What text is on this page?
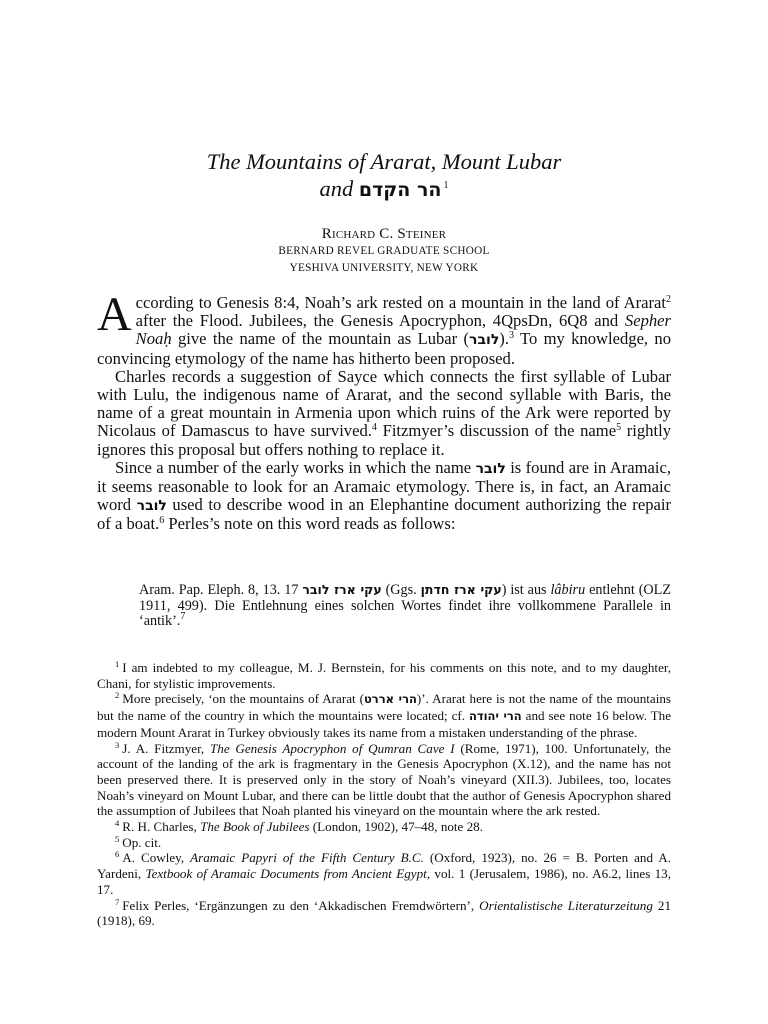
The Mountains of Ararat, Mount Lubar
and הר הקדם $^1$
Richard C. Steiner
BERNARD REVEL GRADUATE SCHOOL
YESHIVA UNIVERSITY, NEW YORK

According to Genesis 8:4, Noah’s ark rested on a mountain in the land of Ararat$^2$ after the Flood. Jubilees, the Genesis Apocryphon, 4QpsDn, 6Q8 and Sepher Noaḥ give the name of the mountain as Lubar (לובר).$^3$ To my knowledge, no convincing etymology of the name has hitherto been proposed.

Charles records a suggestion of Sayce which connects the first syllable of Lubar with Lulu, the indigenous name of Ararat, and the second syllable with Baris, the name of a great mountain in Armenia upon which ruins of the Ark were reported by Nicolaus of Damascus to have survived.$^4$ Fitzmyer’s discussion of the name$^5$ rightly ignores this proposal but offers nothing to replace it.

Since a number of the early works in which the name לובר is found are in Aramaic, it seems reasonable to look for an Aramaic etymology. There is, in fact, an Aramaic word לובר used to describe wood in an Elephantine document authorizing the repair of a boat.$^6$ Perles’s note on this word reads as follows:

Aram. Pap. Eleph. 8, 13. 17 עקי ארז לובר (Ggs. עקי ארז חדתן) ist aus lâbiru entlehnt (OLZ 1911, 499). Die Entlehnung eines solchen Wortes findet ihre vollkommene Parallele in ‘antik’.$^7$

$^1$ I am indebted to my colleague, M. J. Bernstein, for his comments on this note, and to my daughter, Chani, for stylistic improvements.

$^2$ More precisely, ‘on the mountains of Ararat (הרי אררט)’. Ararat here is not the name of the mountains but the name of the country in which the mountains were located; cf. הרי יהודה and see note 16 below. The modern Mount Ararat in Turkey obviously takes its name from a mistaken understanding of the phrase.

$^3$ J. A. Fitzmyer, The Genesis Apocryphon of Qumran Cave I (Rome, 1971), 100. Unfortunately, the account of the landing of the ark is fragmentary in the Genesis Apocryphon (X.12), and the name has not been preserved there. It is preserved only in the story of Noah’s vineyard (XII.3). Jubilees, too, locates Noah’s vineyard on Mount Lubar, and there can be little doubt that the author of Genesis Apocryphon shared the assumption of Jubilees that Noah planted his vineyard on the mountain where the ark rested.

$^4$ R. H. Charles, The Book of Jubilees (London, 1902), 47–48, note 28.

$^5$ Op. cit.

$^6$ A. Cowley, Aramaic Papyri of the Fifth Century B.C. (Oxford, 1923), no. 26 = B. Porten and A. Yardeni, Textbook of Aramaic Documents from Ancient Egypt, vol. 1 (Jerusalem, 1986), no. A6.2, lines 13, 17.

$^7$ Felix Perles, ‘Ergänzungen zu den ‘Akkadischen Fremdwörtern’, Orientalistische Literaturzeitung 21 (1918), 69.
